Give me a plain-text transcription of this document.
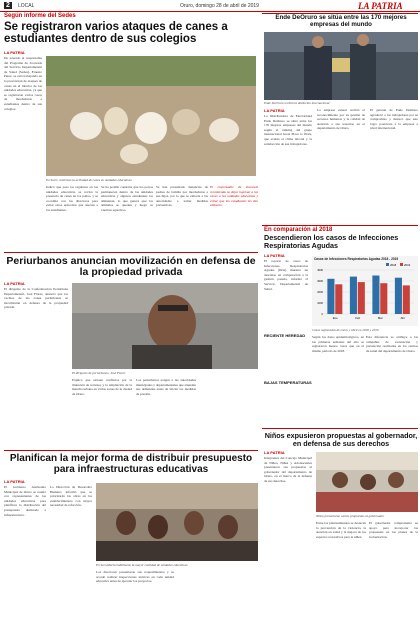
2	LOCAL	Oruro, domingo 28 de abril de 2019	LA PATRIA
Según informe del Sedes
Se registraron varios ataques de canes a estudiantes dentro de sus colegios
LA PATRIA
De acuerdo al responsable del Programa de Zoonosis del Servicio Departamental de Salud (Sedes), Ernesto Pérez, se está trabajando en la prevención de ataques de canes en el interior de las unidades educativas, ya que se registraron varios casos de mordeduras a estudiantes dentro de sus colegios.
En Sucre controlan la actividad de canes en unidades educativas
Indicó que para los regulares en las unidades educativas se revisó la presencia de canes en los patios, y se coordinó con los directores para evitar estos episodios que afectan a los estudiantes.
Se ha podido constatar que los perros permanecen dentro de las unidades educativas y algunos estudiantes los alimentan, lo que genera que los animales se queden y luego se vuelvan agresivos.
Se han presentado denuncias de padres de familia por mordeduras a sus hijos, por lo que se exhorta a las autoridades a tomar medidas preventivas.
El responsable de Zoonosis recomienda no dejar ingresar a los canes a las unidades educativas y evitar que los estudiantes les den alimento.
Ende DeOruro se sitúa entre las 170 mejores empresas del mundo
Ende DeOruro recibió la distinción internacional
LA PATRIA
La Distribuidora de Electricidad Ende DeOruro se situó entre las 170 mejores empresas del mundo según el ranking del grupo internacional Great Place to Work, que evalúa el clima laboral y la satisfacción de sus trabajadores.
La empresa estatal recibió el reconocimiento por su gestión de recursos humanos y la calidad de atención a sus usuarios en el departamento de Oruro.
El gerente de Ende DeOruro agradeció a los trabajadores por su compromiso y destacó que este logro posiciona a la empresa a nivel internacional.
En comparación al 2018
Descendieron los casos de Infecciones Respiratorias Agudas
LA PATRIA
El reporte de casos de Infecciones Respiratorias Agudas (IRA) muestra un descenso en comparación a la gestión pasada, informó el Servicio Departamental de Salud.
Casos de Infecciones Respiratorias Agudas 2018 - 2019
0
1000
2000
3000
4000
Ene	Feb	Mar	Abr
2018	2019
Casos registrados de enero y abril en 2018 y 2019
Según los datos epidemiológicos, en las primeras semanas del año se registraron menos casos que en el mismo periodo de 2018.
Esta diferencia se atribuye a las campañas de vacunación y prevención realizadas en los centros de salud del departamento de Oruro.
RECIENTE HEREDAD
BAJAS TEMPERATURAS
Periurbanos anuncian movilización en defensa de la propiedad privada
LA PATRIA
El dirigente de la Confederación Periurbana Departamental, José Flores, anunció que los vecinos de las zonas periurbanas se movilizarán en defensa de la propiedad privada.
El dirigente de periurbanos, José Flores
Explicó que existen conflictos por la titulación de terrenos y la ampliación de la mancha urbana en varias zonas de la ciudad de Oruro.
Los periurbanos exigen a las autoridades municipales y departamentales que atiendan sus demandas antes de iniciar las medidas de presión.
Planifican la mejor forma de distribuir presupuesto para infraestructuras educativas
LA PATRIA
El Gobierno Autónomo Municipal de Oruro se reunió con representantes de las unidades educativas para planificar la distribución del presupuesto destinado a infraestructura.
La Dirección de Desarrollo Humano informó que se priorizarán las obras en los establecimientos con mayor necesidad de refacción.
En Secundaria habilitaron la mayor cantidad de unidades educativas
Los directores presentaron sus requerimientos y se acordó realizar inspecciones técnicas en cada unidad educativa antes de ejecutar los proyectos.
Niños expusieron propuestas al gobernador, en defensa de sus derechos
LA PATRIA
Integrantes del Concejo Municipal de Niños, Niñas y Adolescentes presentaron sus propuestas al gobernador del departamento de Oruro, en el marco de la defensa de sus derechos.
Niños presentaron varias propuestas al gobernador
Entre los planteamientos se destacan la prevención de la violencia, la atención en salud y la mejora de los espacios recreativos para la niñez.
El gobernador comprometió su apoyo para incorporar las propuestas en los planes de la Gobernación.
